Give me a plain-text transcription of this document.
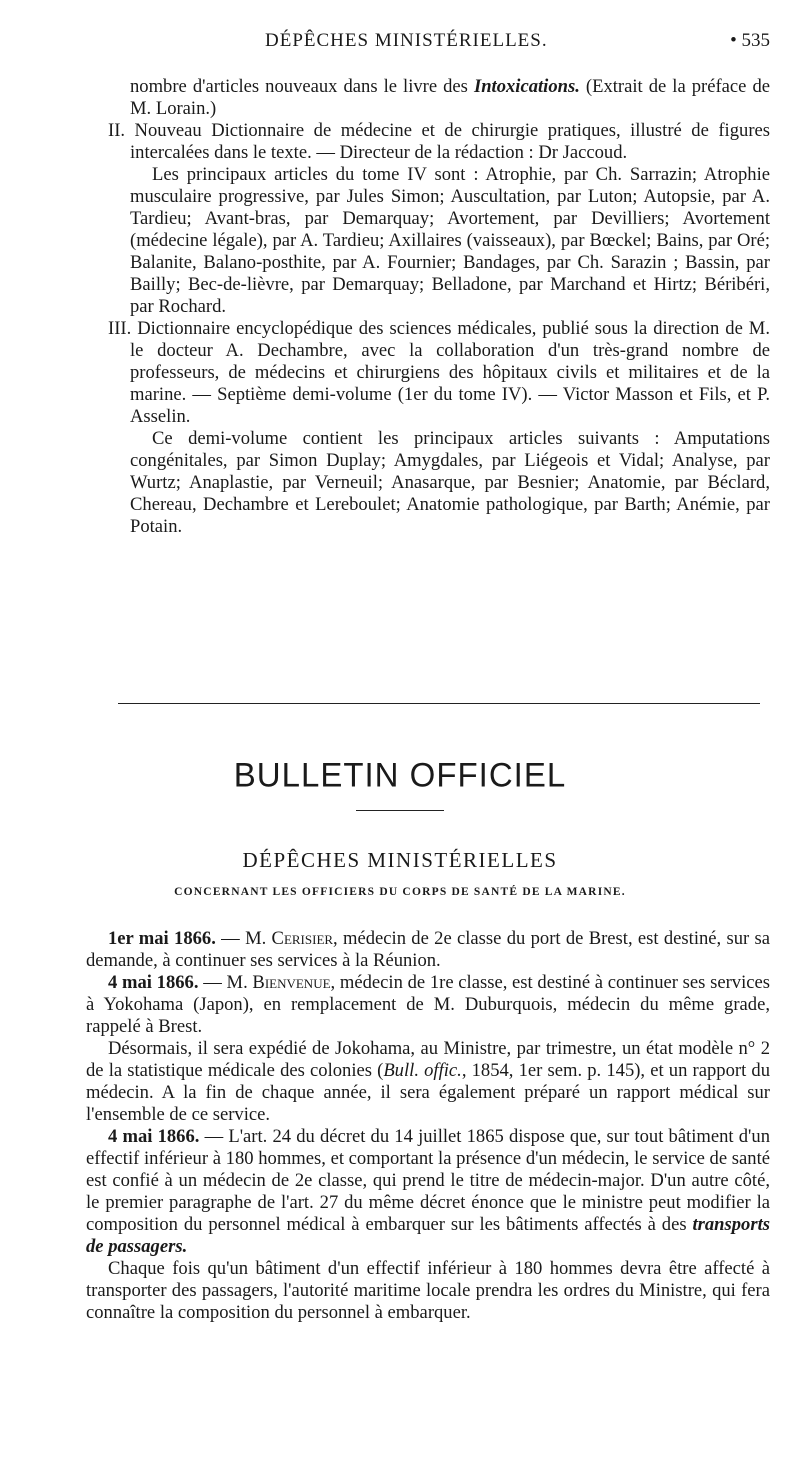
DÉPÊCHES MINISTÉRIELLES.	• 535

nombre d'articles nouveaux dans le livre des Intoxications. (Extrait de la préface de M. Lorain.)

II. Nouveau Dictionnaire de médecine et de chirurgie pratiques, illustré de figures intercalées dans le texte. — Directeur de la rédaction : Dr Jaccoud.

Les principaux articles du tome IV sont : Atrophie, par Ch. Sarrazin; Atrophie musculaire progressive, par Jules Simon; Auscultation, par Luton; Autopsie, par A. Tardieu; Avant-bras, par Demarquay; Avortement, par Devilliers; Avortement (médecine légale), par A. Tardieu; Axillaires (vaisseaux), par Bœckel; Bains, par Oré; Balanite, Balano-posthite, par A. Fournier; Bandages, par Ch. Sarazin ; Bassin, par Bailly; Bec-de-lièvre, par Demarquay; Belladone, par Marchand et Hirtz; Béribéri, par Rochard.

III. Dictionnaire encyclopédique des sciences médicales, publié sous la direction de M. le docteur A. Dechambre, avec la collaboration d'un très-grand nombre de professeurs, de médecins et chirurgiens des hôpitaux civils et militaires et de la marine. — Septième demi-volume (1er du tome IV). — Victor Masson et Fils, et P. Asselin.

Ce demi-volume contient les principaux articles suivants : Amputations congénitales, par Simon Duplay; Amygdales, par Liégeois et Vidal; Analyse, par Wurtz; Anaplastie, par Verneuil; Anasarque, par Besnier; Anatomie, par Béclard, Chereau, Dechambre et Lereboulet; Anatomie pathologique, par Barth; Anémie, par Potain.

BULLETIN OFFICIEL
DÉPÊCHES MINISTÉRIELLES
CONCERNANT LES OFFICIERS DU CORPS DE SANTÉ DE LA MARINE.

1er mai 1866. — M. Cerisier, médecin de 2e classe du port de Brest, est destiné, sur sa demande, à continuer ses services à la Réunion.

4 mai 1866. — M. Bienvenue, médecin de 1re classe, est destiné à continuer ses services à Yokohama (Japon), en remplacement de M. Duburquois, médecin du même grade, rappelé à Brest.

Désormais, il sera expédié de Jokohama, au Ministre, par trimestre, un état modèle n° 2 de la statistique médicale des colonies (Bull. offic., 1854, 1er sem. p. 145), et un rapport du médecin. A la fin de chaque année, il sera également préparé un rapport médical sur l'ensemble de ce service.

4 mai 1866. — L'art. 24 du décret du 14 juillet 1865 dispose que, sur tout bâtiment d'un effectif inférieur à 180 hommes, et comportant la présence d'un médecin, le service de santé est confié à un médecin de 2e classe, qui prend le titre de médecin-major. D'un autre côté, le premier paragraphe de l'art. 27 du même décret énonce que le ministre peut modifier la composition du personnel médical à embarquer sur les bâtiments affectés à des transports de passagers.

Chaque fois qu'un bâtiment d'un effectif inférieur à 180 hommes devra être affecté à transporter des passagers, l'autorité maritime locale prendra les ordres du Ministre, qui fera connaître la composition du personnel à embarquer.
